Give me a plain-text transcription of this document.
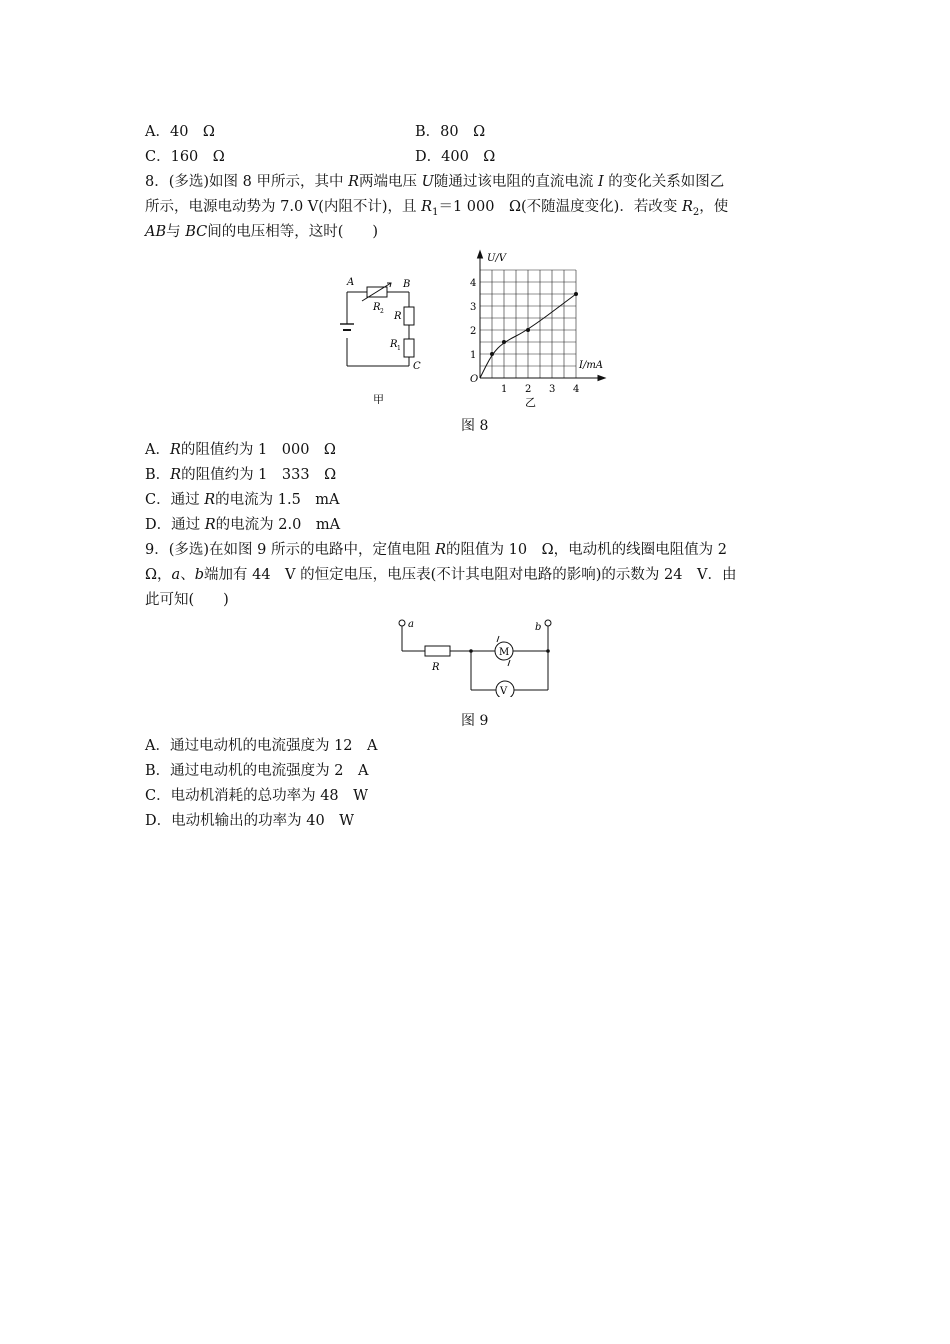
A．40　Ω	B．80　Ω
C．160　Ω	D．400　Ω
8．(多选)如图 8 甲所示，其中 R两端电压 U随通过该电阻的直流电流 I 的变化关系如图乙
所示，电源电动势为 7.0 V(内阻不计)，且 $R_1=1$ 000　Ω(不随温度变化)．若改变 $R_2$，使
AB与 BC间的电压相等，这时(　　)
A	B
C
R 2 R
R 1
甲
1
2
3
4
1 2 3 4
U/V
I/mA
O
乙
图 8
A．R的阻值约为 1　000　Ω
B．R的阻值约为 1　333　Ω
C．通过 R的电流为 1.5　mA
D．通过 R的电流为 2.0　mA
9．(多选)在如图 9 所示的电路中，定值电阻 R的阻值为 10　Ω，电动机的线圈电阻值为 2
Ω，a、b端加有 44　V 的恒定电压，电压表(不计其电阻对电路的影响)的示数为 24　V．由
此可知(　　)
a	b
R
M
V
图 9
A．通过电动机的电流强度为 12　A
B．通过电动机的电流强度为 2　A
C．电动机消耗的总功率为 48　W
D．电动机输出的功率为 40　W
